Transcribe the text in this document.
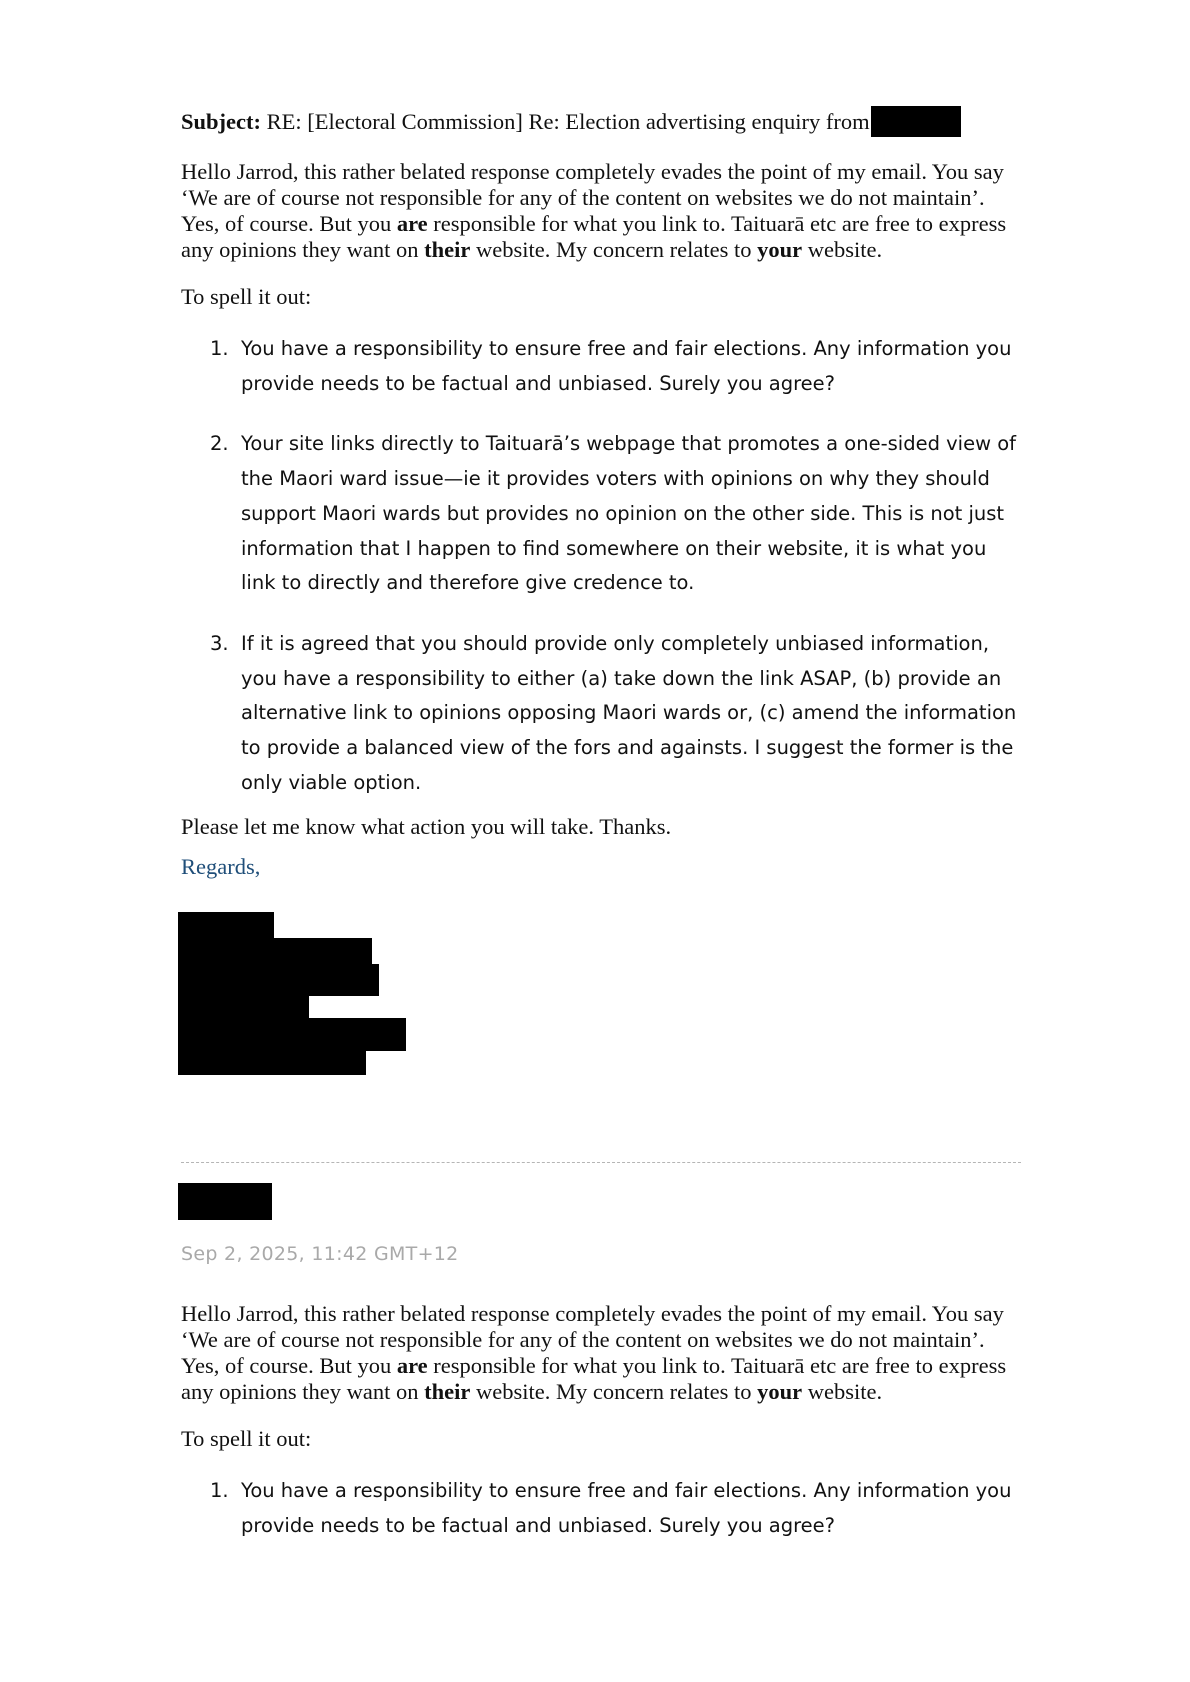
Subject: RE: [Electoral Commission] Re: Election advertising enquiry from

Hello Jarrod, this rather belated response completely evades the point of my email. You say ‘We are of course not responsible for any of the content on websites we do not maintain’. Yes, of course. But you are responsible for what you link to. Taituarā etc are free to express any opinions they want on their website. My concern relates to your website.

To spell it out:

1. You have a responsibility to ensure free and fair elections. Any information you provide needs to be factual and unbiased. Surely you agree?
2. Your site links directly to Taituarā’s webpage that promotes a one-sided view of the Maori ward issue—ie it provides voters with opinions on why they should support Maori wards but provides no opinion on the other side. This is not just information that I happen to find somewhere on their website, it is what you link to directly and therefore give credence to.
3. If it is agreed that you should provide only completely unbiased information, you have a responsibility to either (a) take down the link ASAP, (b) provide an alternative link to opinions opposing Maori wards or, (c) amend the information to provide a balanced view of the fors and againsts. I suggest the former is the only viable option.

Please let me know what action you will take. Thanks.

Regards,

Sep 2, 2025, 11:42 GMT+12

Hello Jarrod, this rather belated response completely evades the point of my email. You say ‘We are of course not responsible for any of the content on websites we do not maintain’. Yes, of course. But you are responsible for what you link to. Taituarā etc are free to express any opinions they want on their website. My concern relates to your website.

To spell it out:

1. You have a responsibility to ensure free and fair elections. Any information you provide needs to be factual and unbiased. Surely you agree?
